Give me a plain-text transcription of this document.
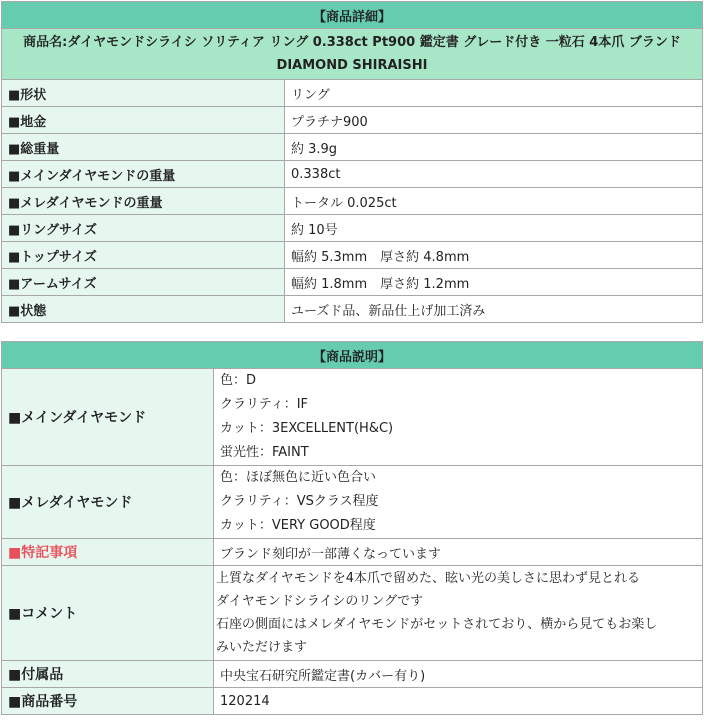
【商品詳細】	
商品名:ダイヤモンドシライシ ソリティア リング 0.338ct Pt900 鑑定書 グレード付き 一粒石 4本爪 ブランド DIAMOND SHIRAISHI	
■形状	リング
■地金	プラチナ900
■総重量	約 3.9g
■メインダイヤモンドの重量	0.338ct
■メレダイヤモンドの重量	トータル 0.025ct
■リングサイズ	約 10号
■トップサイズ	幅約 5.3mm　厚さ約 4.8mm
■アームサイズ	幅約 1.8mm　厚さ約 1.2mm
■状態	ユーズド品、新品仕上げ加工済み
【商品説明】	
■メインダイヤモンド	色：D
クラリティ：IF
カット：3EXCELLENT(H&C)
蛍光性：FAINT

■メレダイヤモンド	色：ほぼ無色に近い色合い
クラリティ：VSクラス程度
カット：VERY GOOD程度

■特記事項	ブランド刻印が一部薄くなっています
■コメント	上質なダイヤモンドを4本爪で留めた、眩い光の美しさに思わず見とれる
ダイヤモンドシライシのリングです
石座の側面にはメレダイヤモンドがセットされており、横から見てもお楽し
みいただけます

■付属品	中央宝石研究所鑑定書(カバー有り)
■商品番号	120214
